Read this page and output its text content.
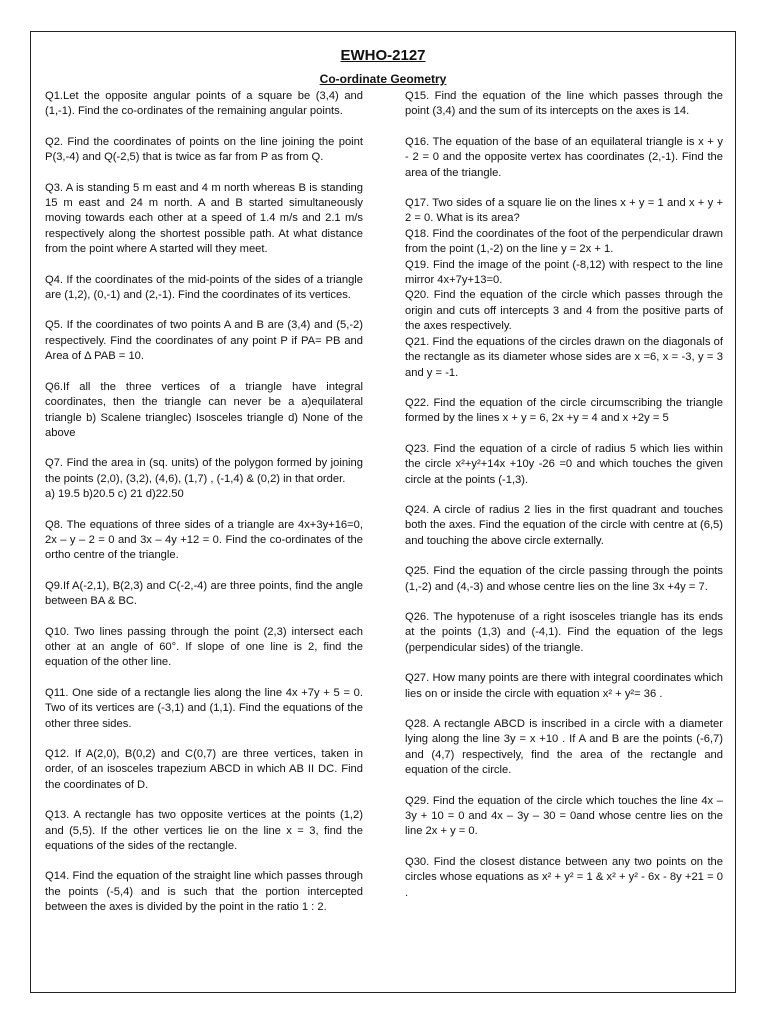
EWHO-2127
Co-ordinate Geometry

Q1.Let the opposite angular points of a square be (3,4) and (1,-1). Find the co-ordinates of the remaining angular points.

Q2. Find the coordinates of points on the line joining the point P(3,-4) and Q(-2,5) that is twice as far from P as from Q.

Q3. A is standing 5 m east and 4 m north whereas B is standing 15 m east and 24 m north. A and B started simultaneously moving towards each other at a speed of 1.4 m/s and 2.1 m/s respectively along the shortest possible path. At what distance from the point where A started will they meet.

Q4. If the coordinates of the mid-points of the sides of a triangle are (1,2), (0,-1) and (2,-1). Find the coordinates of its vertices.

Q5. If the coordinates of two points A and B are (3,4) and (5,-2) respectively. Find the coordinates of any point P if PA= PB and Area of Δ PAB = 10.

Q6.If all the three vertices of a triangle have integral coordinates, then the triangle can never be a a)equilateral triangle b) Scalene trianglec) Isosceles triangle d) None of the above

Q7. Find the area in (sq. units) of the polygon formed by joining the points (2,0), (3,2), (4,6), (1,7) , (-1,4) & (0,2) in that order.

a) 19.5 b)20.5 c) 21 d)22.50

Q8. The equations of three sides of a triangle are 4x+3y+16=0, 2x – y – 2 = 0 and 3x – 4y +12 = 0. Find the co-ordinates of the ortho centre of the triangle.

Q9.If A(-2,1), B(2,3) and C(-2,-4) are three points, find the angle between BA & BC.

Q10. Two lines passing through the point (2,3) intersect each other at an angle of 60°. If slope of one line is 2, find the equation of the other line.

Q11. One side of a rectangle lies along the line 4x +7y + 5 = 0. Two of its vertices are (-3,1) and (1,1). Find the equations of the other three sides.

Q12. If A(2,0), B(0,2) and C(0,7) are three vertices, taken in order, of an isosceles trapezium ABCD in which AB II DC. Find the coordinates of D.

Q13. A rectangle has two opposite vertices at the points (1,2) and (5,5). If the other vertices lie on the line x = 3, find the equations of the sides of the rectangle.

Q14. Find the equation of the straight line which passes through the points (-5,4) and is such that the portion intercepted between the axes is divided by the point in the ratio 1 : 2.

Q15. Find the equation of the line which passes through the point (3,4) and the sum of its intercepts on the axes is 14.

Q16. The equation of the base of an equilateral triangle is x + y - 2 = 0 and the opposite vertex has coordinates (2,-1). Find the area of the triangle.

Q17. Two sides of a square lie on the lines x + y = 1 and x + y + 2 = 0. What is its area?

Q18. Find the coordinates of the foot of the perpendicular drawn from the point (1,-2) on the line y = 2x + 1.

Q19. Find the image of the point (-8,12) with respect to the line mirror 4x+7y+13=0.

Q20. Find the equation of the circle which passes through the origin and cuts off intercepts 3 and 4 from the positive parts of the axes respectively.

Q21. Find the equations of the circles drawn on the diagonals of the rectangle as its diameter whose sides are x =6, x = -3, y = 3 and y = -1.

Q22. Find the equation of the circle circumscribing the triangle formed by the lines x + y = 6, 2x +y = 4 and x +2y = 5

Q23. Find the equation of a circle of radius 5 which lies within the circle x²+y²+14x +10y -26 =0 and which touches the given circle at the points (-1,3).

Q24. A circle of radius 2 lies in the first quadrant and touches both the axes. Find the equation of the circle with centre at (6,5) and touching the above circle externally.

Q25. Find the equation of the circle passing through the points (1,-2) and (4,-3) and whose centre lies on the line 3x +4y = 7.

Q26. The hypotenuse of a right isosceles triangle has its ends at the points (1,3) and (-4,1). Find the equation of the legs (perpendicular sides) of the triangle.

Q27. How many points are there with integral coordinates which lies on or inside the circle with equation x² + y²= 36 .

Q28. A rectangle ABCD is inscribed in a circle with a diameter lying along the line 3y = x +10 . If A and B are the points (-6,7) and (4,7) respectively, find the area of the rectangle and equation of the circle.

Q29. Find the equation of the circle which touches the line 4x – 3y + 10 = 0 and 4x – 3y – 30 = 0and whose centre lies on the line 2x + y = 0.

Q30. Find the closest distance between any two points on the circles whose equations as x² + y² = 1 & x² + y² - 6x - 8y +21 = 0 .
